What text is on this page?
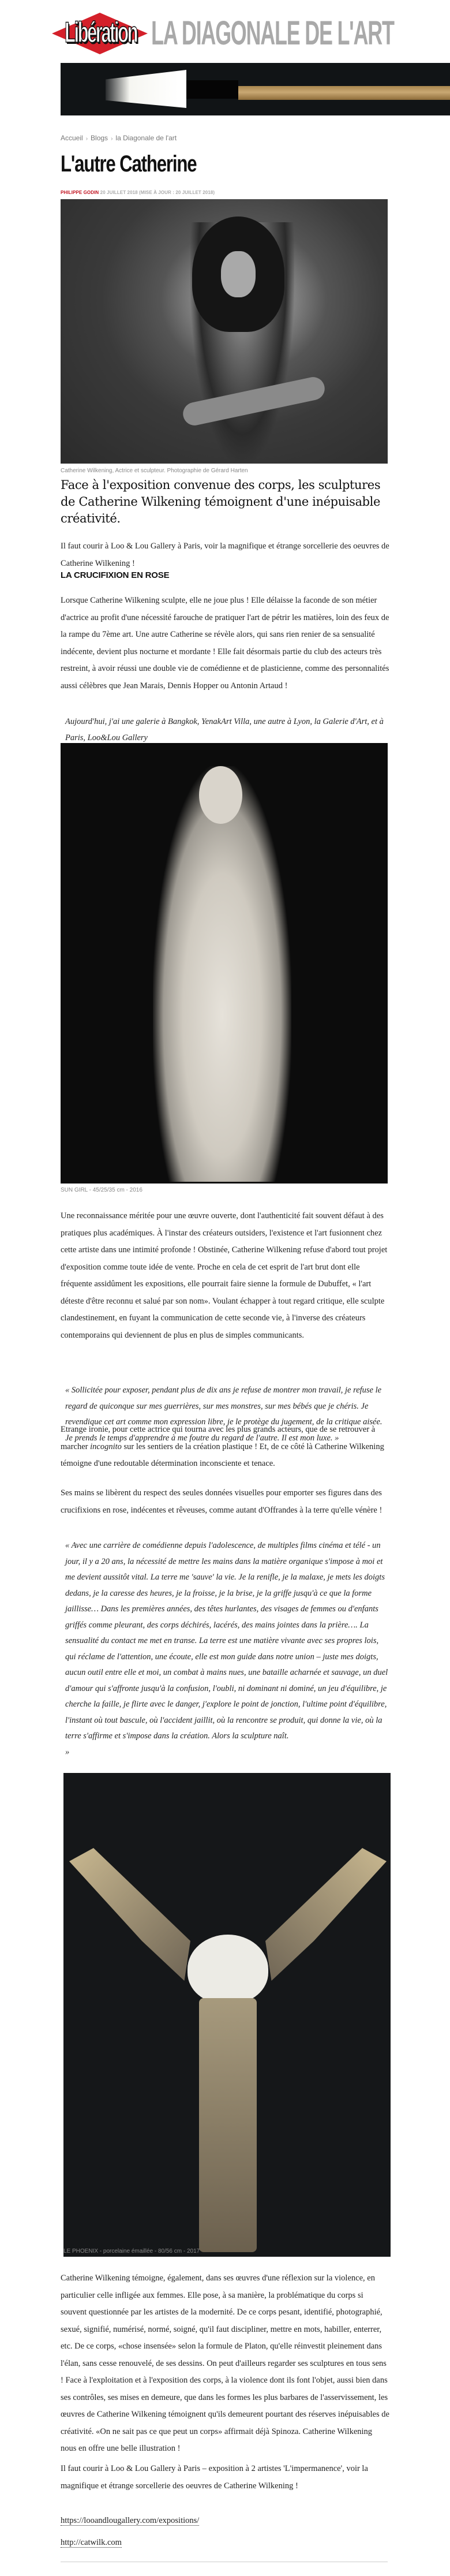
Libération LA DIAGONALE DE L'ART
Accueil › Blogs › la Diagonale de l'art
L'autre Catherine
PHILIPPE GODIN 20 JUILLET 2018 (MISE À JOUR : 20 JUILLET 2018)
Catherine Wilkening, Actrice et sculpteur. Photographie de Gérard Harten

Face à l'exposition convenue des corps, les sculptures de Catherine Wilkening témoignent d'une inépuisable créativité.

Il faut courir à Loo & Lou Gallery à Paris, voir la magnifique et étrange sorcellerie des oeuvres de Catherine Wilkening !

LA CRUCIFIXION EN ROSE

Lorsque Catherine Wilkening sculpte, elle ne joue plus ! Elle délaisse la faconde de son métier d'actrice au profit d'une nécessité farouche de pratiquer l'art de pétrir les matières, loin des feux de la rampe du 7ème art. Une autre Catherine se révèle alors, qui sans rien renier de sa sensualité indécente, devient plus nocturne et mordante ! Elle fait désormais partie du club des acteurs très restreint, à avoir réussi une double vie de comédienne et de plasticienne, comme des personnalités aussi célèbres que Jean Marais, Dennis Hopper ou Antonin Artaud !

Aujourd'hui, j'ai une galerie à Bangkok, YenakArt Villa, une autre à Lyon, la Galerie d'Art, et à Paris, Loo&Lou Gallery

SUN GIRL - 45/25/35 cm - 2016

Une reconnaissance méritée pour une œuvre ouverte, dont l'authenticité fait souvent défaut à des pratiques plus académiques. À l'instar des créateurs outsiders, l'existence et l'art fusionnent chez cette artiste dans une intimité profonde ! Obstinée, Catherine Wilkening refuse d'abord tout projet d'exposition comme toute idée de vente. Proche en cela de cet esprit de l'art brut dont elle fréquente assidûment les expositions, elle pourrait faire sienne la formule de Dubuffet, « l'art déteste d'être reconnu et salué par son nom». Voulant échapper à tout regard critique, elle sculpte clandestinement, en fuyant la communication de cette seconde vie, à l'inverse des créateurs contemporains qui deviennent de plus en plus de simples communicants.

« Sollicitée pour exposer, pendant plus de dix ans je refuse de montrer mon travail, je refuse le regard de quiconque sur mes guerrières, sur mes monstres, sur mes bébés que je chéris. Je revendique cet art comme mon expression libre, je le protège du jugement, de la critique aisée. Je prends le temps d'apprendre à me foutre du regard de l'autre. Il est mon luxe. »

Etrange ironie, pour cette actrice qui tourna avec les plus grands acteurs, que de se retrouver à marcher incognito sur les sentiers de la création plastique ! Et, de ce côté là Catherine Wilkening témoigne d'une redoutable détermination inconsciente et tenace.

Ses mains se libèrent du respect des seules données visuelles pour emporter ses figures dans des crucifixions en rose, indécentes et rêveuses, comme autant d'Offrandes à la terre qu'elle vénère !

« Avec une carrière de comédienne depuis l'adolescence, de multiples films cinéma et télé - un jour, il y a 20 ans, la nécessité de mettre les mains dans la matière organique s'impose à moi et me devient aussitôt vital. La terre me 'sauve' la vie. Je la renifle, je la malaxe, je mets les doigts dedans, je la caresse des heures, je la froisse, je la brise, je la griffe jusqu'à ce que la forme jaillisse… Dans les premières années, des têtes hurlantes, des visages de femmes ou d'enfants griffés comme pleurant, des corps déchirés, lacérés, des mains jointes dans la prière…. La sensualité du contact me met en transe. La terre est une matière vivante avec ses propres lois, qui réclame de l'attention, une écoute, elle est mon guide dans notre union – juste mes doigts, aucun outil entre elle et moi, un combat à mains nues, une bataille acharnée et sauvage, un duel d'amour qui s'affronte jusqu'à la confusion, l'oubli, ni dominant ni dominé, un jeu d'équilibre, je cherche la faille, je flirte avec le danger, j'explore le point de jonction, l'ultime point d'équilibre, l'instant où tout bascule, où l'accident jaillit, où la rencontre se produit, qui donne la vie, où la terre s'affirme et s'impose dans la création. Alors la sculpture naît.
»

LE PHOENIX - porcelaine émaillée - 80/56 cm - 2017

Catherine Wilkening témoigne, également, dans ses œuvres d'une réflexion sur la violence, en particulier celle infligée aux femmes. Elle pose, à sa manière, la problématique du corps si souvent questionnée par les artistes de la modernité. De ce corps pesant, identifié, photographié, sexué, signifié, numérisé, normé, soigné, qu'il faut discipliner, mettre en mots, habiller, enterrer, etc. De ce corps, «chose insensée» selon la formule de Platon, qu'elle réinvestit pleinement dans l'élan, sans cesse renouvelé, de ses dessins. On peut d'ailleurs regarder ses sculptures en tous sens ! Face à l'exploitation et à l'exposition des corps, à la violence dont ils font l'objet, aussi bien dans ses contrôles, ses mises en demeure, que dans les formes les plus barbares de l'asservissement, les œuvres de Catherine Wilkening témoignent qu'ils demeurent pourtant des réserves inépuisables de créativité. «On ne sait pas ce que peut un corps» affirmait déjà Spinoza. Catherine Wilkening nous en offre une belle illustration !

Il faut courir à Loo & Lou Gallery à Paris – exposition à 2 artistes 'L'impermanence', voir la magnifique et étrange sorcellerie des oeuvres de Catherine Wilkening !

https://looandlougallery.com/expositions/

http://catwilk.com
